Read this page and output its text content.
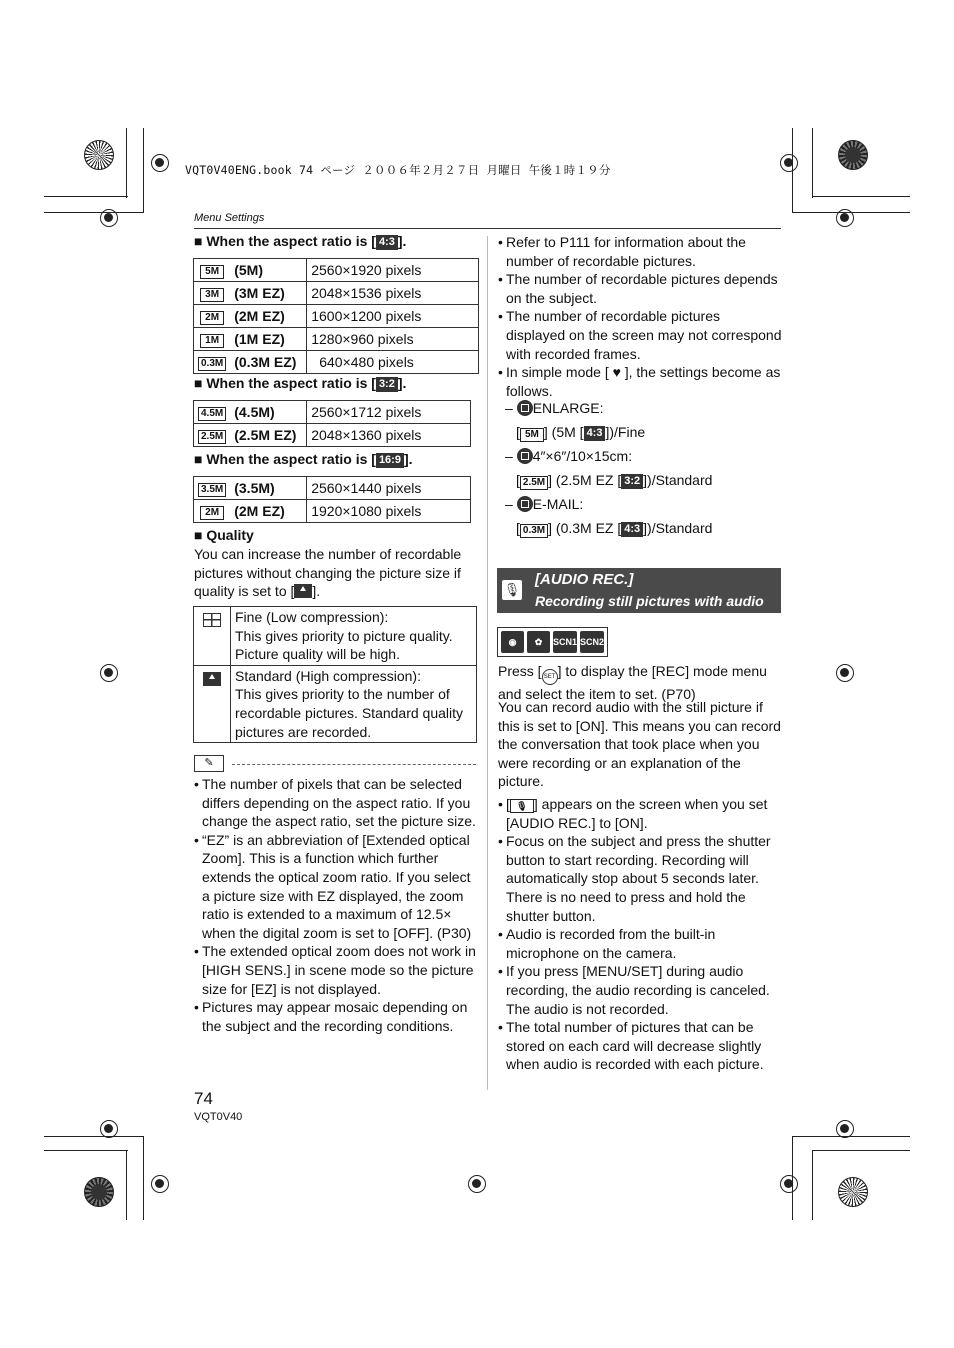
VQT0V40ENG.book 74 ページ ２００６年２月２７日 月曜日 午後１時１９分
Menu Settings
■ When the aspect ratio is [ 4:3 ].
5M	(5M)	2560×1920 pixels
3M	(3M EZ)	2048×1536 pixels
2M	(2M EZ)	1600×1200 pixels
1M	(1M EZ)	1280×960 pixels
0.3M	(0.3M EZ)	640×480 pixels
■ When the aspect ratio is [ 3:2 ].
4.5M	(4.5M)	2560×1712 pixels
2.5M	(2.5M EZ)	2048×1360 pixels
■ When the aspect ratio is [ 16:9 ].
3.5M	(3.5M)	2560×1440 pixels
2M	(2M EZ)	1920×1080 pixels
■ Quality
You can increase the number of recordable pictures without changing the picture size if quality is set to [ ].

	Fine (Low compression):
This gives priority to picture quality.
Picture quality will be high.

	Standard (High compression):
This gives priority to the number of recordable pictures. Standard quality pictures are recorded.
✎
• The number of pixels that can be selected differs depending on the aspect ratio. If you change the aspect ratio, set the picture size.
• “EZ” is an abbreviation of [Extended optical Zoom]. This is a function which further extends the optical zoom ratio. If you select a picture size with EZ displayed, the zoom ratio is extended to a maximum of 12.5× when the digital zoom is set to [OFF]. (P30)
• The extended optical zoom does not work in [HIGH SENS.] in scene mode so the picture size for [EZ] is not displayed.
• Pictures may appear mosaic depending on the subject and the recording conditions.
74
VQT0V40
• Refer to P111 for information about the number of recordable pictures.
• The number of recordable pictures depends on the subject.
• The number of recordable pictures displayed on the screen may not correspond with recorded frames.
• In simple mode [ ♥ ], the settings become as follows.
– ENLARGE:
[ 5M ] (5M [ 4:3 ])/Fine
– 4″×6″/10×15cm:
[ 2.5M ] (2.5M EZ [ 3:2 ])/Standard
– E-MAIL:
[ 0.3M ] (0.3M EZ [ 4:3 ])/Standard
🎙
[AUDIO REC.]
Recording still pictures with audio
◉	✿	SCN1 SCN2
Press [ SET ] to display the [REC] mode menu and select the item to set. (P70)
You can record audio with the still picture if this is set to [ON]. This means you can record the conversation that took place when you were recording or an explanation of the picture.
• [ 🎙 ] appears on the screen when you set [AUDIO REC.] to [ON].
• Focus on the subject and press the shutter button to start recording. Recording will automatically stop about 5 seconds later. There is no need to press and hold the shutter button.
• Audio is recorded from the built-in microphone on the camera.
• If you press [MENU/SET] during audio recording, the audio recording is canceled. The audio is not recorded.
• The total number of pictures that can be stored on each card will decrease slightly when audio is recorded with each picture.
